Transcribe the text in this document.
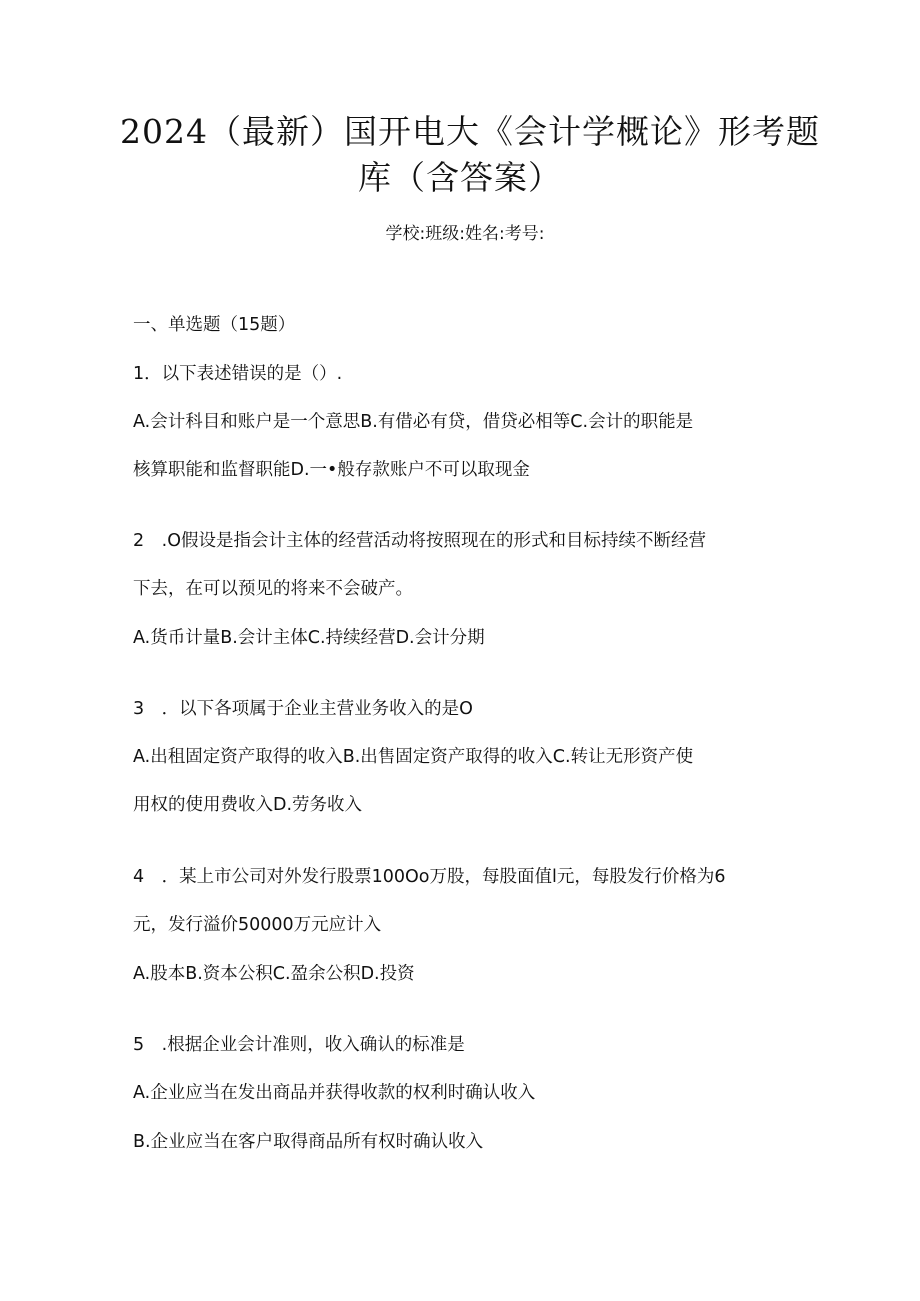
2024（最新）国开电大《会计学概论》形考题
库（含答案）
学校:班级:姓名:考号:
一、单选题（15题）
1．以下表述错误的是（）.
A.会计科目和账户是一个意思B.有借必有贷，借贷必相等C.会计的职能是
核算职能和监督职能D.一•般存款账户不可以取现金
2　.O假设是指会计主体的经营活动将按照现在的形式和目标持续不断经营
下去，在可以预见的将来不会破产。
A.货币计量B.会计主体C.持续经营D.会计分期
3　．以下各项属于企业主营业务收入的是O
A.出租固定资产取得的收入B.出售固定资产取得的收入C.转让无形资产使
用权的使用费收入D.劳务收入
4　．某上市公司对外发行股票100Oo万股，每股面值l元，每股发行价格为6
元，发行溢价50000万元应计入
A.股本B.资本公积C.盈余公积D.投资
5　.根据企业会计准则，收入确认的标准是
A.企业应当在发出商品并获得收款的权利时确认收入
B.企业应当在客户取得商品所有权时确认收入
